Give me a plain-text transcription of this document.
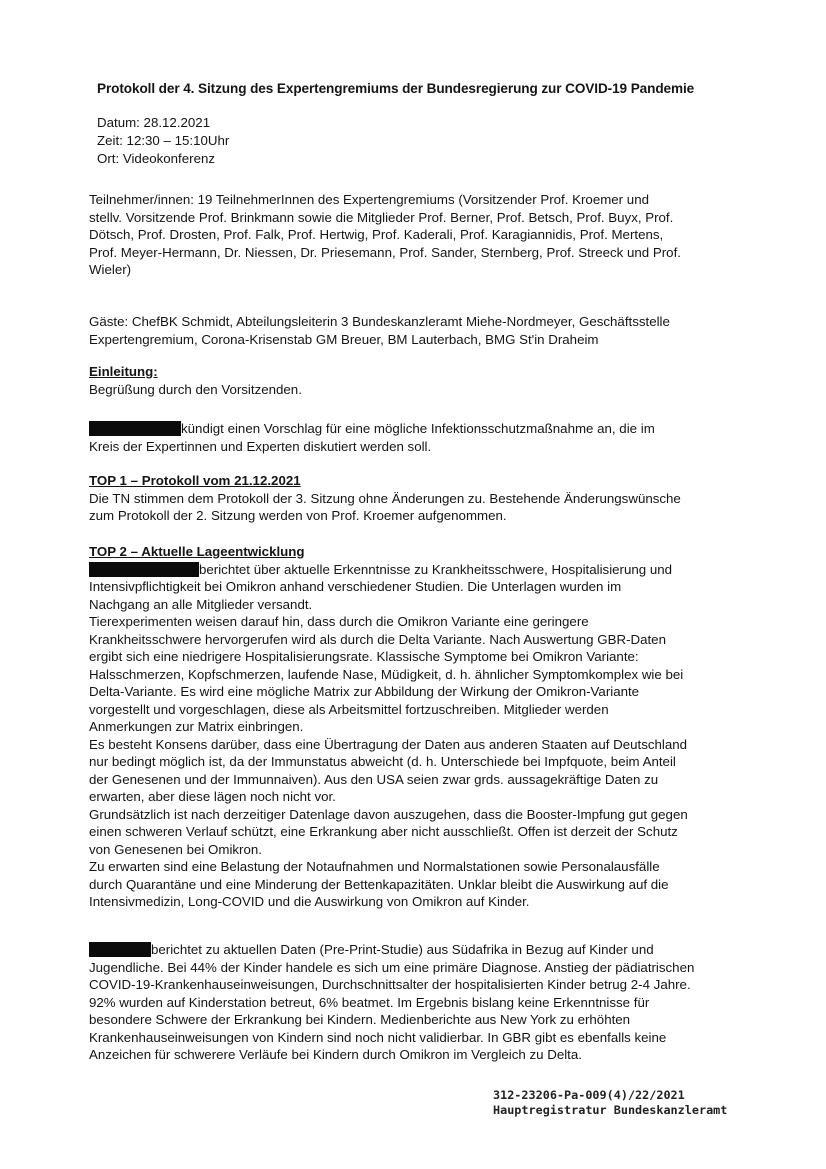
Protokoll der 4. Sitzung des Expertengremiums der Bundesregierung zur COVID-19 Pandemie
Datum: 28.12.2021
Zeit: 12:30 – 15:10Uhr
Ort: Videokonferenz
Teilnehmer/innen: 19 TeilnehmerInnen des Expertengremiums (Vorsitzender Prof. Kroemer und
stellv. Vorsitzende Prof. Brinkmann sowie die Mitglieder Prof. Berner, Prof. Betsch, Prof. Buyx, Prof.
Dötsch, Prof. Drosten, Prof. Falk, Prof. Hertwig, Prof. Kaderali, Prof. Karagiannidis, Prof. Mertens,
Prof. Meyer-Hermann, Dr. Niessen, Dr. Priesemann, Prof. Sander, Sternberg, Prof. Streeck und Prof.
Wieler)
Gäste: ChefBK Schmidt, Abteilungsleiterin 3 Bundeskanzleramt Miehe-Nordmeyer, Geschäftsstelle
Expertengremium, Corona-Krisenstab GM Breuer, BM Lauterbach, BMG St'in Draheim
Einleitung:
Begrüßung durch den Vorsitzenden.
kündigt einen Vorschlag für eine mögliche Infektionsschutzmaßnahme an, die im
Kreis der Expertinnen und Experten diskutiert werden soll.
TOP 1 – Protokoll vom 21.12.2021
Die TN stimmen dem Protokoll der 3. Sitzung ohne Änderungen zu. Bestehende Änderungswünsche
zum Protokoll der 2. Sitzung werden von Prof. Kroemer aufgenommen.
TOP 2 – Aktuelle Lageentwicklung
berichtet über aktuelle Erkenntnisse zu Krankheitsschwere, Hospitalisierung und
Intensivpflichtigkeit bei Omikron anhand verschiedener Studien. Die Unterlagen wurden im
Nachgang an alle Mitglieder versandt.
Tierexperimenten weisen darauf hin, dass durch die Omikron Variante eine geringere
Krankheitsschwere hervorgerufen wird als durch die Delta Variante. Nach Auswertung GBR-Daten
ergibt sich eine niedrigere Hospitalisierungsrate. Klassische Symptome bei Omikron Variante:
Halsschmerzen, Kopfschmerzen, laufende Nase, Müdigkeit, d. h. ähnlicher Symptomkomplex wie bei
Delta-Variante. Es wird eine mögliche Matrix zur Abbildung der Wirkung der Omikron-Variante
vorgestellt und vorgeschlagen, diese als Arbeitsmittel fortzuschreiben. Mitglieder werden
Anmerkungen zur Matrix einbringen.
Es besteht Konsens darüber, dass eine Übertragung der Daten aus anderen Staaten auf Deutschland
nur bedingt möglich ist, da der Immunstatus abweicht (d. h. Unterschiede bei Impfquote, beim Anteil
der Genesenen und der Immunnaiven). Aus den USA seien zwar grds. aussagekräftige Daten zu
erwarten, aber diese lägen noch nicht vor.
Grundsätzlich ist nach derzeitiger Datenlage davon auszugehen, dass die Booster-Impfung gut gegen
einen schweren Verlauf schützt, eine Erkrankung aber nicht ausschließt. Offen ist derzeit der Schutz
von Genesenen bei Omikron.
Zu erwarten sind eine Belastung der Notaufnahmen und Normalstationen sowie Personalausfälle
durch Quarantäne und eine Minderung der Bettenkapazitäten. Unklar bleibt die Auswirkung auf die
Intensivmedizin, Long-COVID und die Auswirkung von Omikron auf Kinder.
berichtet zu aktuellen Daten (Pre-Print-Studie) aus Südafrika in Bezug auf Kinder und
Jugendliche. Bei 44% der Kinder handele es sich um eine primäre Diagnose. Anstieg der pädiatrischen
COVID-19-Krankenhauseinweisungen, Durchschnittsalter der hospitalisierten Kinder betrug 2-4 Jahre.
92% wurden auf Kinderstation betreut, 6% beatmet. Im Ergebnis bislang keine Erkenntnisse für
besondere Schwere der Erkrankung bei Kindern. Medienberichte aus New York zu erhöhten
Krankenhauseinweisungen von Kindern sind noch nicht validierbar. In GBR gibt es ebenfalls keine
Anzeichen für schwerere Verläufe bei Kindern durch Omikron im Vergleich zu Delta.
312-23206-Pa-009(4)/22/2021
Hauptregistratur Bundeskanzleramt
